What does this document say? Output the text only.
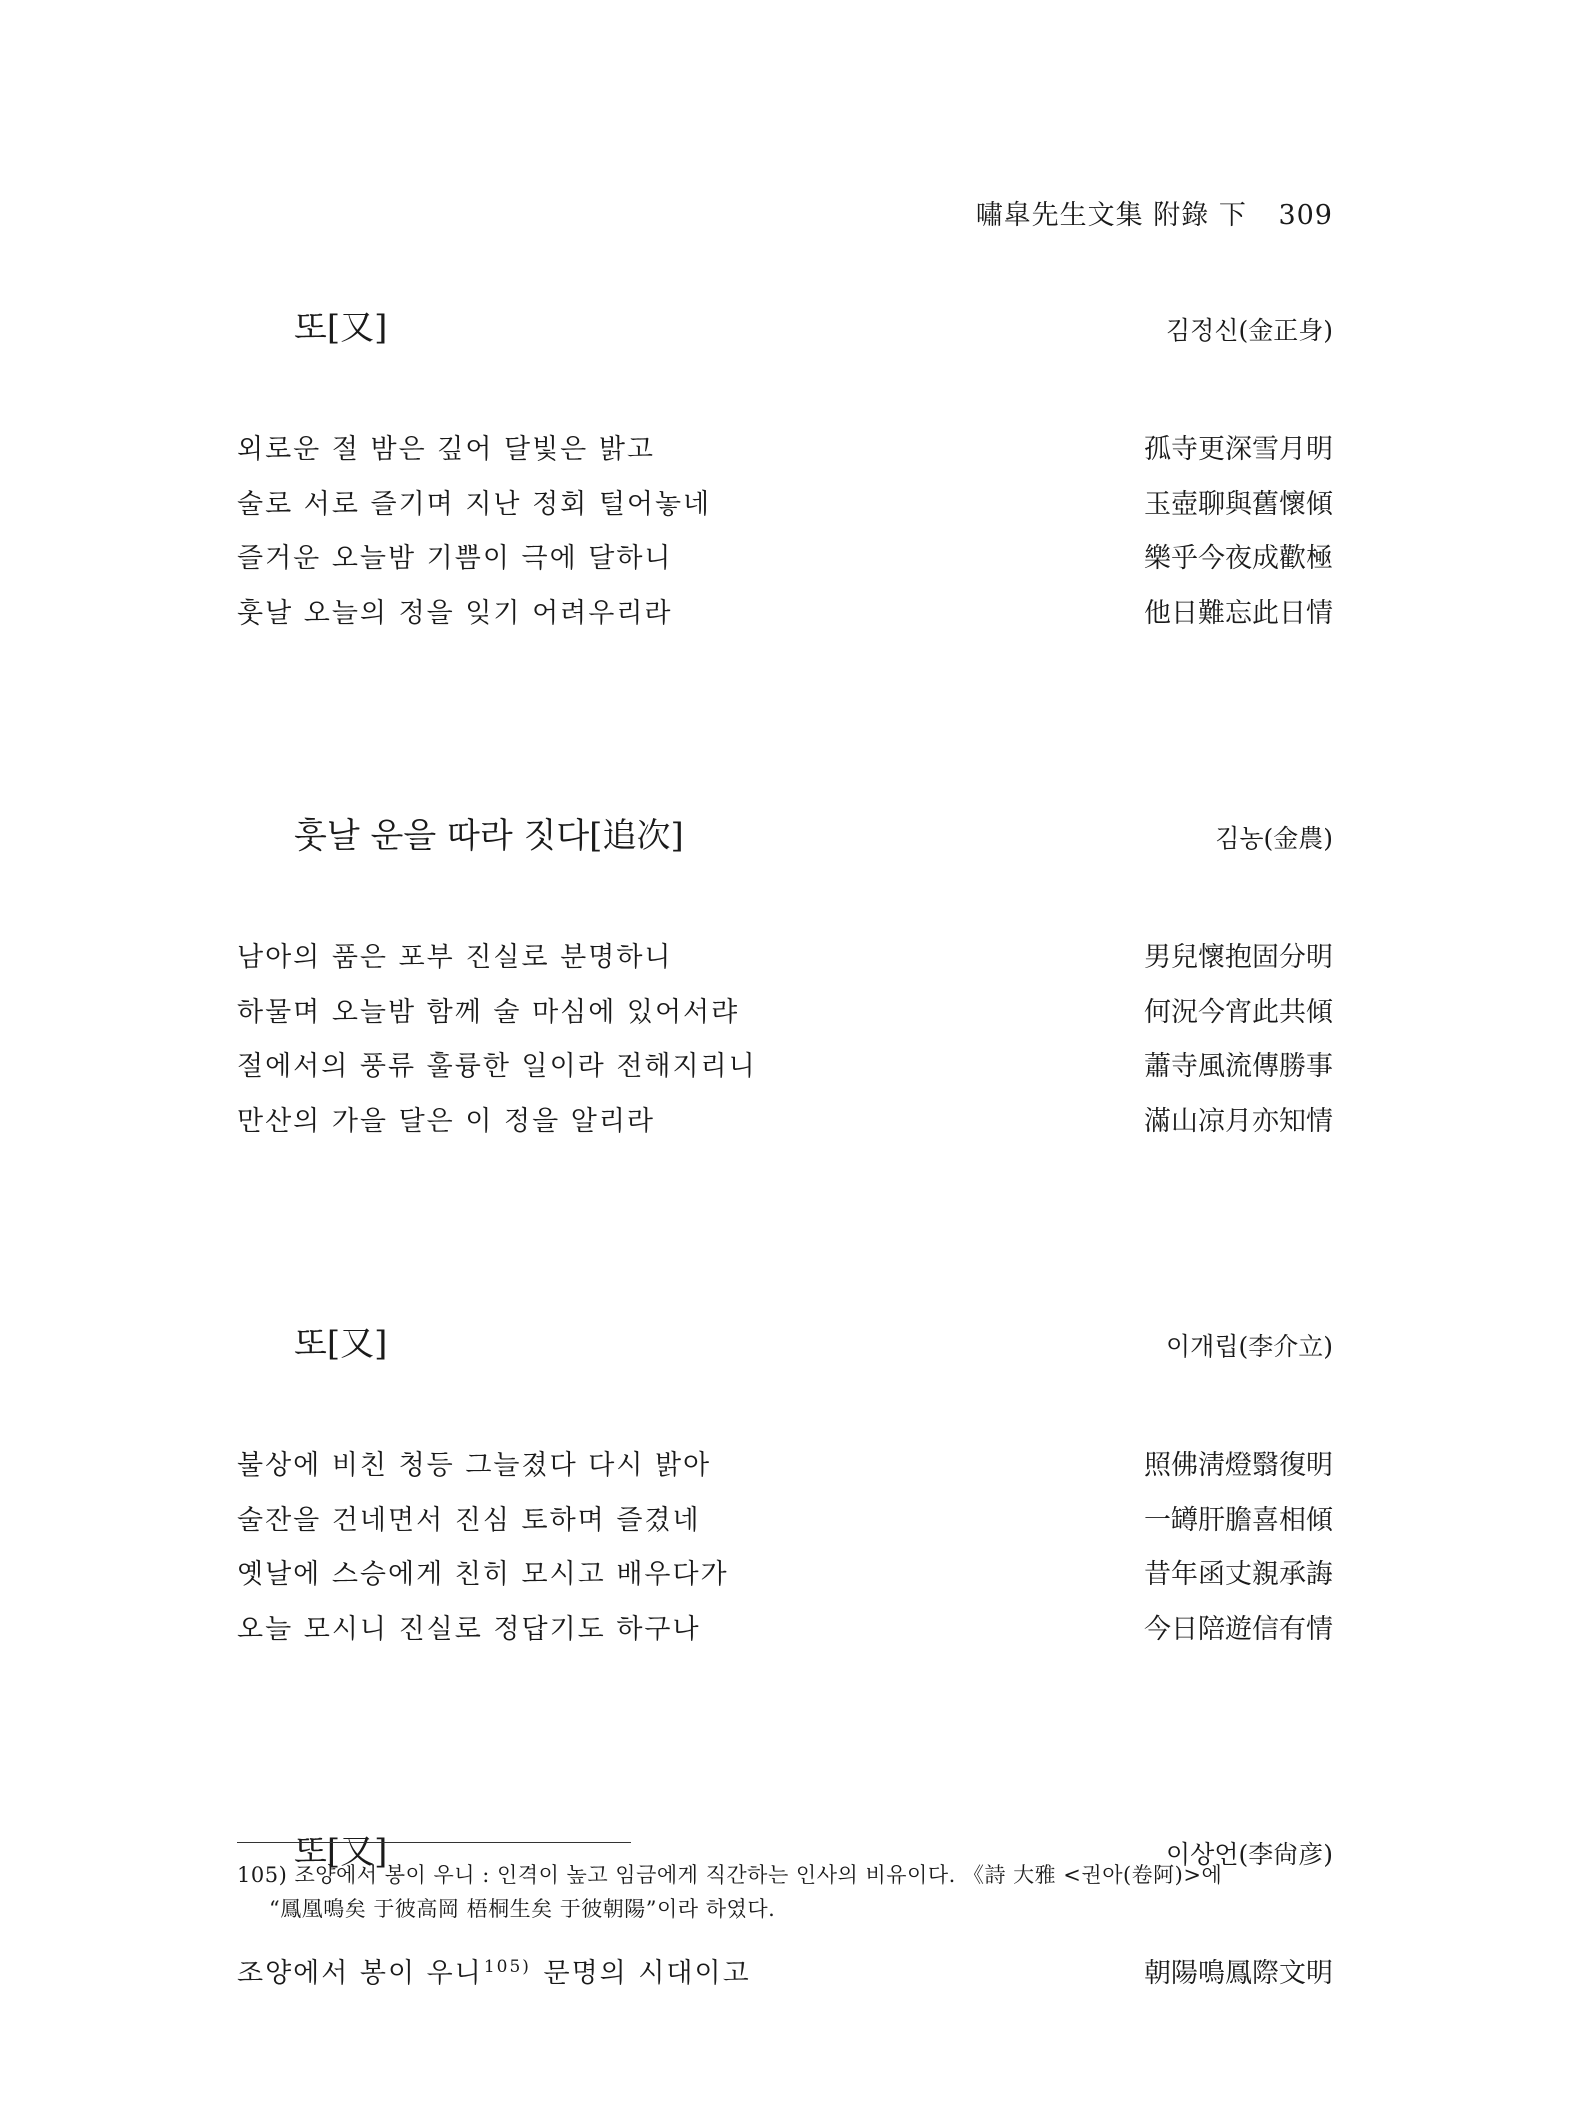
嘯皐先生文集 附錄 下 309
또[又]	김정신(金正身)
외로운 절 밤은 깊어 달빛은 밝고	孤寺更深雪月明
술로 서로 즐기며 지난 정회 털어놓네	玉壺聊與舊懷傾
즐거운 오늘밤 기쁨이 극에 달하니	樂乎今夜成歡極
훗날 오늘의 정을 잊기 어려우리라	他日難忘此日情
훗날 운을 따라 짓다[追次]	김농(金農)
남아의 품은 포부 진실로 분명하니	男兒懷抱固分明
하물며 오늘밤 함께 술 마심에 있어서랴	何況今宵此共傾
절에서의 풍류 훌륭한 일이라 전해지리니	蕭寺風流傳勝事
만산의 가을 달은 이 정을 알리라	滿山凉月亦知情
또[又]	이개립(李介立)
불상에 비친 청등 그늘졌다 다시 밝아	照佛淸燈翳復明
술잔을 건네면서 진심 토하며 즐겼네	一罇肝膽喜相傾
옛날에 스승에게 친히 모시고 배우다가	昔年函丈親承誨
오늘 모시니 진실로 정답기도 하구나	今日陪遊信有情
또[又]	이상언(李尙彦)
조양에서 봉이 우니$^{105)}$ 문명의 시대이고	朝陽鳴鳳際文明
105) 조양에서 봉이 우니 : 인격이 높고 임금에게 직간하는 인사의 비유이다. 《詩 大雅 <권아(卷阿)>에
“鳳凰鳴矣 于彼高岡 梧桐生矣 于彼朝陽”이라 하였다.
